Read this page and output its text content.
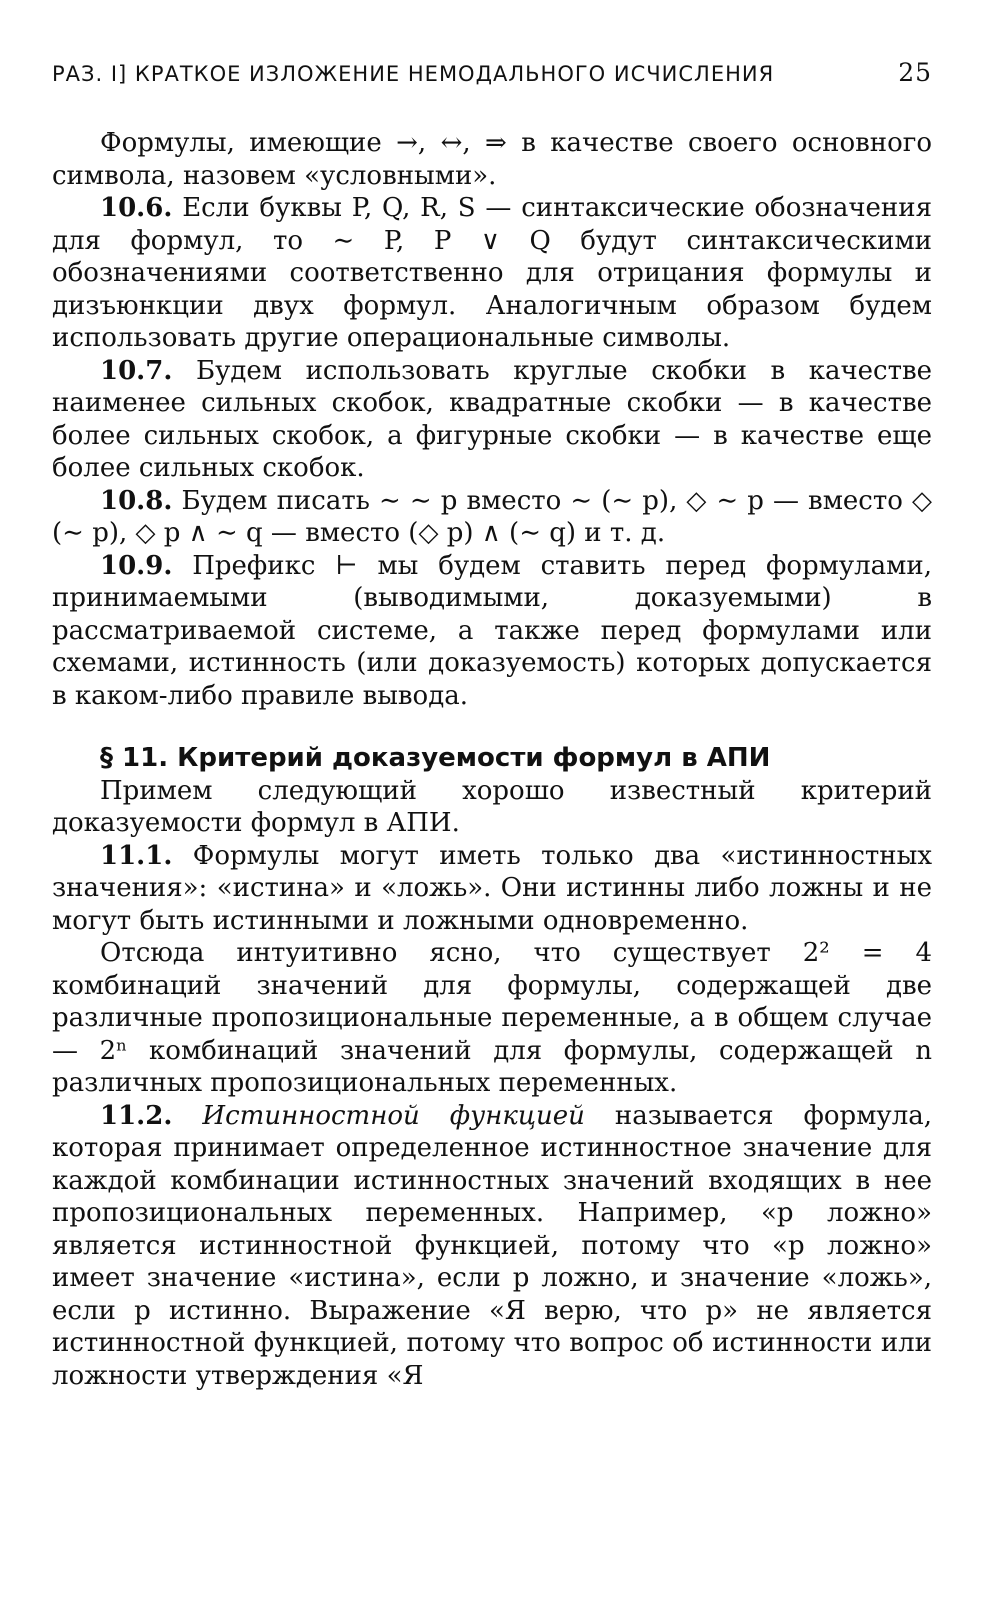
РАЗ. I] КРАТКОЕ ИЗЛОЖЕНИЕ НЕМОДАЛЬНОГО ИСЧИСЛЕНИЯ	25

Формулы, имеющие →, ↔, ⇒ в качестве своего основного символа, назовем «условными».

10.6. Если буквы P, Q, R, S — синтаксические обозначения для формул, то ∼ P, P ∨ Q будут синтаксическими обозначениями соответственно для отрицания формулы и дизъюнкции двух формул. Аналогичным образом будем использовать другие операциональные символы.

10.7. Будем использовать круглые скобки в качестве наименее сильных скобок, квадратные скобки — в качестве более сильных скобок, а фигурные скобки — в качестве еще более сильных скобок.

10.8. Будем писать ∼ ∼ p вместо ∼ (∼ p), ◇ ∼ p — вместо ◇ (∼ p), ◇ p ∧ ∼ q — вместо (◇ p) ∧ (∼ q) и т. д.

10.9. Префикс ⊢ мы будем ставить перед формулами, принимаемыми (выводимыми, доказуемыми) в рассматриваемой системе, а также перед формулами или схемами, истинность (или доказуемость) которых допускается в каком-либо правиле вывода.

§ 11. Критерий доказуемости формул в АПИ

Примем следующий хорошо известный критерий доказуемости формул в АПИ.

11.1. Формулы могут иметь только два «истинностных значения»: «истина» и «ложь». Они истинны либо ложны и не могут быть истинными и ложными одновременно.

Отсюда интуитивно ясно, что существует 2² = 4 комбинаций значений для формулы, содержащей две различные пропозициональные переменные, а в общем случае — 2ⁿ комбинаций значений для формулы, содержащей n различных пропозициональных переменных.

11.2. Истинностной функцией называется формула, которая принимает определенное истинностное значение для каждой комбинации истинностных значений входящих в нее пропозициональных переменных. Например, «p ложно» является истинностной функцией, потому что «p ложно» имеет значение «истина», если p ложно, и значение «ложь», если p истинно. Выражение «Я верю, что p» не является истинностной функцией, потому что вопрос об истинности или ложности утверждения «Я
